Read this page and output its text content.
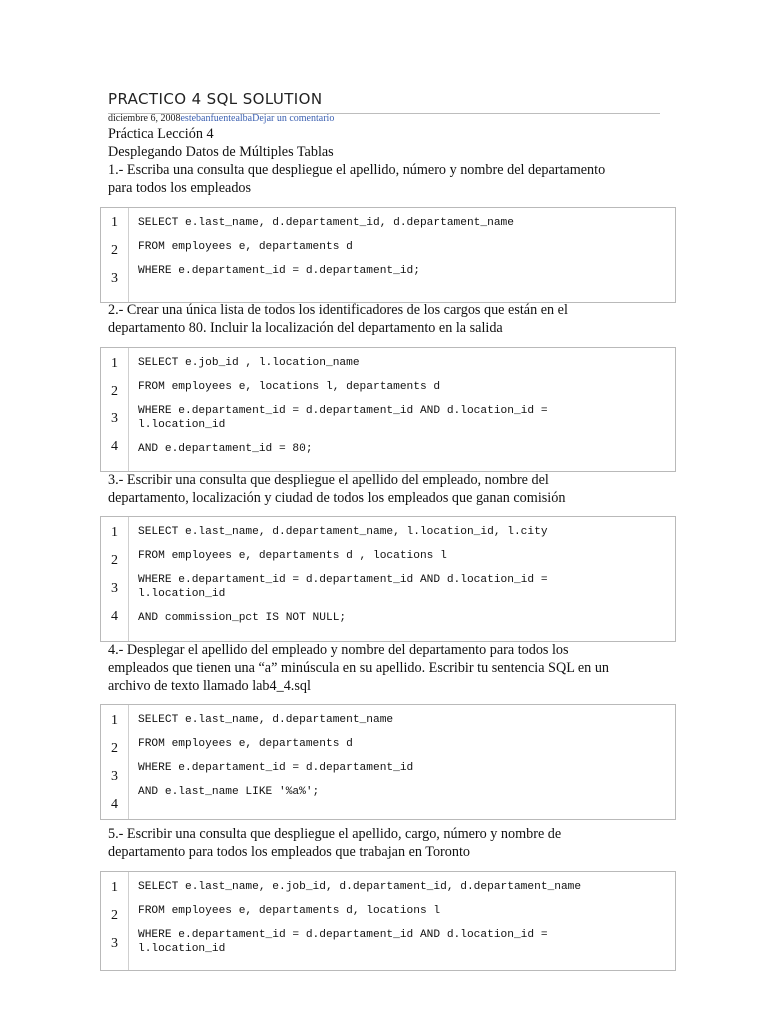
PRACTICO 4 SQL SOLUTION
diciembre 6, 2008estebanfuentealbaDejar un comentario
Práctica Lección 4
Desplegando Datos de Múltiples Tablas
1.- Escriba una consulta que despliegue el apellido, número y nombre del departamento
para todos los empleados
1
2
3
SELECT e.last_name, d.departament_id, d.departament_name
FROM employees e, departaments d
WHERE e.departament_id = d.departament_id;
2.- Crear una única lista de todos los identificadores de los cargos que están en el
departamento 80. Incluir la localización del departamento en la salida
1
2
3
4
SELECT e.job_id , l.location_name
FROM employees e, locations l, departaments d
WHERE e.departament_id = d.departament_id AND d.location_id =
l.location_id
AND e.departament_id = 80;
3.- Escribir una consulta que despliegue el apellido del empleado, nombre del
departamento, localización y ciudad de todos los empleados que ganan comisión
1
2
3
4
SELECT e.last_name, d.departament_name, l.location_id, l.city
FROM employees e, departaments d , locations l
WHERE e.departament_id = d.departament_id AND d.location_id =
l.location_id
AND commission_pct IS NOT NULL;
4.- Desplegar el apellido del empleado y nombre del departamento para todos los
empleados que tienen una “a” minúscula en su apellido. Escribir tu sentencia SQL en un
archivo de texto llamado lab4_4.sql
1
2
3
4
SELECT e.last_name, d.departament_name
FROM employees e, departaments d
WHERE e.departament_id = d.departament_id
AND e.last_name LIKE '%a%';
5.- Escribir una consulta que despliegue el apellido, cargo, número y nombre de
departamento para todos los empleados que trabajan en Toronto
1
2
3
SELECT e.last_name, e.job_id, d.departament_id, d.departament_name
FROM employees e, departaments d, locations l
WHERE e.departament_id = d.departament_id AND d.location_id =
l.location_id
